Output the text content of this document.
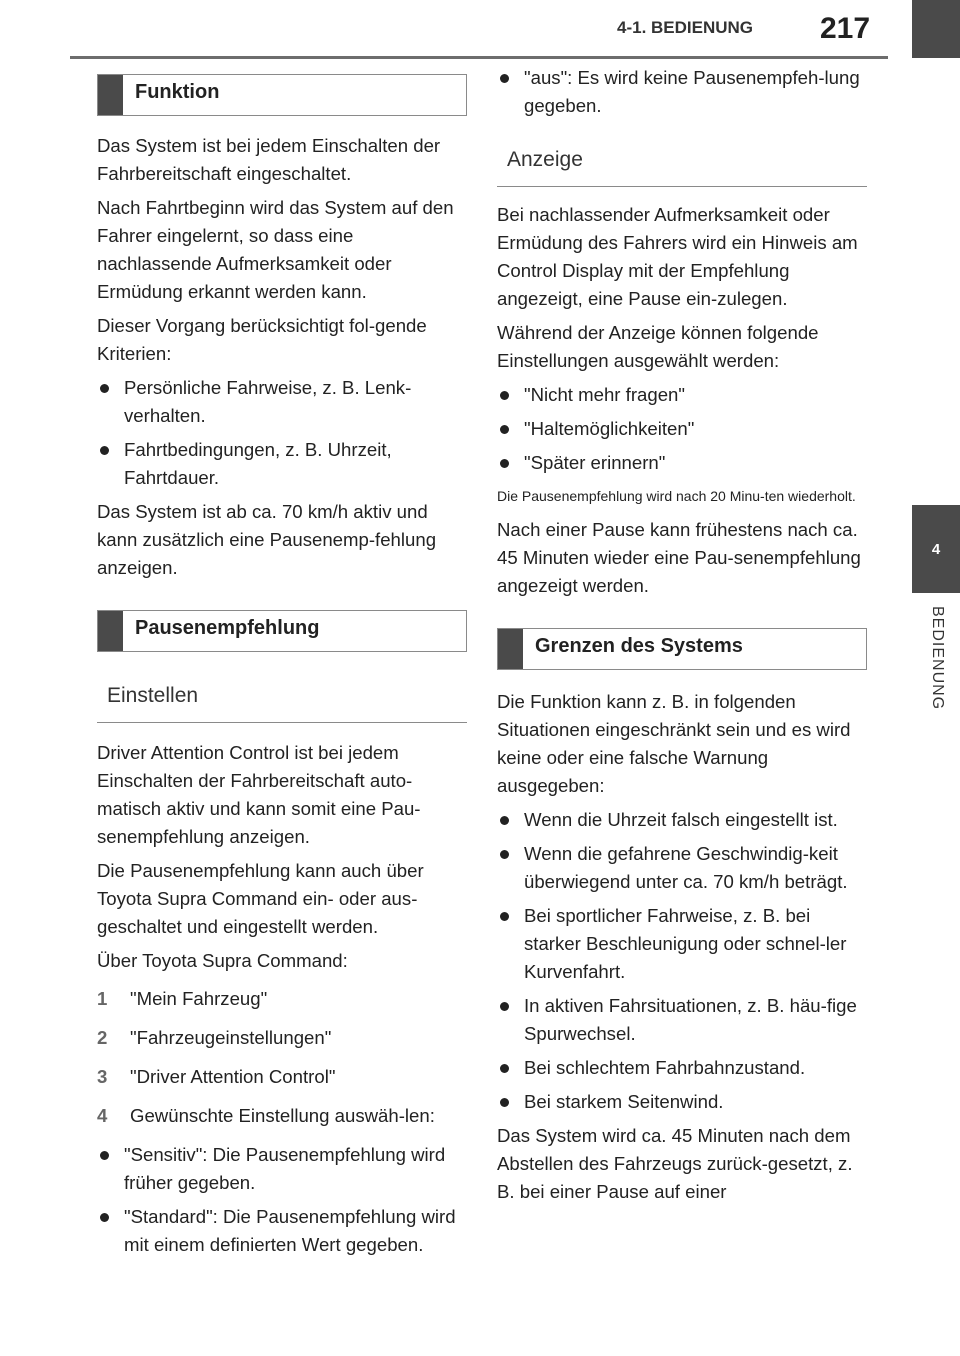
4-1. BEDIENUNG 217
4
BEDIENUNG
Funktion

Das System ist bei jedem Einschalten der Fahrbereitschaft eingeschaltet.

Nach Fahrtbeginn wird das System auf den Fahrer eingelernt, so dass eine nachlassende Aufmerksamkeit oder Ermüdung erkannt werden kann.

Dieser Vorgang berücksichtigt fol-gende Kriterien:

Persönliche Fahrweise, z. B. Lenk-verhalten.
Fahrtbedingungen, z. B. Uhrzeit, Fahrtdauer.

Das System ist ab ca. 70 km/h aktiv und kann zusätzlich eine Pausenemp-fehlung anzeigen.

Pausenempfehlung
Einstellen

Driver Attention Control ist bei jedem Einschalten der Fahrbereitschaft auto-matisch aktiv und kann somit eine Pau-senempfehlung anzeigen.

Die Pausenempfehlung kann auch über Toyota Supra Command ein- oder aus-geschaltet und eingestellt werden.

Über Toyota Supra Command:

1	"Mein Fahrzeug"
2	"Fahrzeugeinstellungen"
3	"Driver Attention Control"
4	Gewünschte Einstellung auswäh-len:
"Sensitiv": Die Pausenempfehlung wird früher gegeben.
"Standard": Die Pausenempfehlung wird mit einem definierten Wert gegeben.
"aus": Es wird keine Pausenempfeh-lung gegeben.
Anzeige

Bei nachlassender Aufmerksamkeit oder Ermüdung des Fahrers wird ein Hinweis am Control Display mit der Empfehlung angezeigt, eine Pause ein-zulegen.

Während der Anzeige können folgende Einstellungen ausgewählt werden:

"Nicht mehr fragen"
"Haltemöglichkeiten"
"Später erinnern"

Die Pausenempfehlung wird nach 20 Minu-ten wiederholt.

Nach einer Pause kann frühestens nach ca. 45 Minuten wieder eine Pau-senempfehlung angezeigt werden.

Grenzen des Systems

Die Funktion kann z. B. in folgenden Situationen eingeschränkt sein und es wird keine oder eine falsche Warnung ausgegeben:

Wenn die Uhrzeit falsch eingestellt ist.
Wenn die gefahrene Geschwindig-keit überwiegend unter ca. 70 km/h beträgt.
Bei sportlicher Fahrweise, z. B. bei starker Beschleunigung oder schnel-ler Kurvenfahrt.
In aktiven Fahrsituationen, z. B. häu-fige Spurwechsel.
Bei schlechtem Fahrbahnzustand.
Bei starkem Seitenwind.

Das System wird ca. 45 Minuten nach dem Abstellen des Fahrzeugs zurück-gesetzt, z. B. bei einer Pause auf einer
